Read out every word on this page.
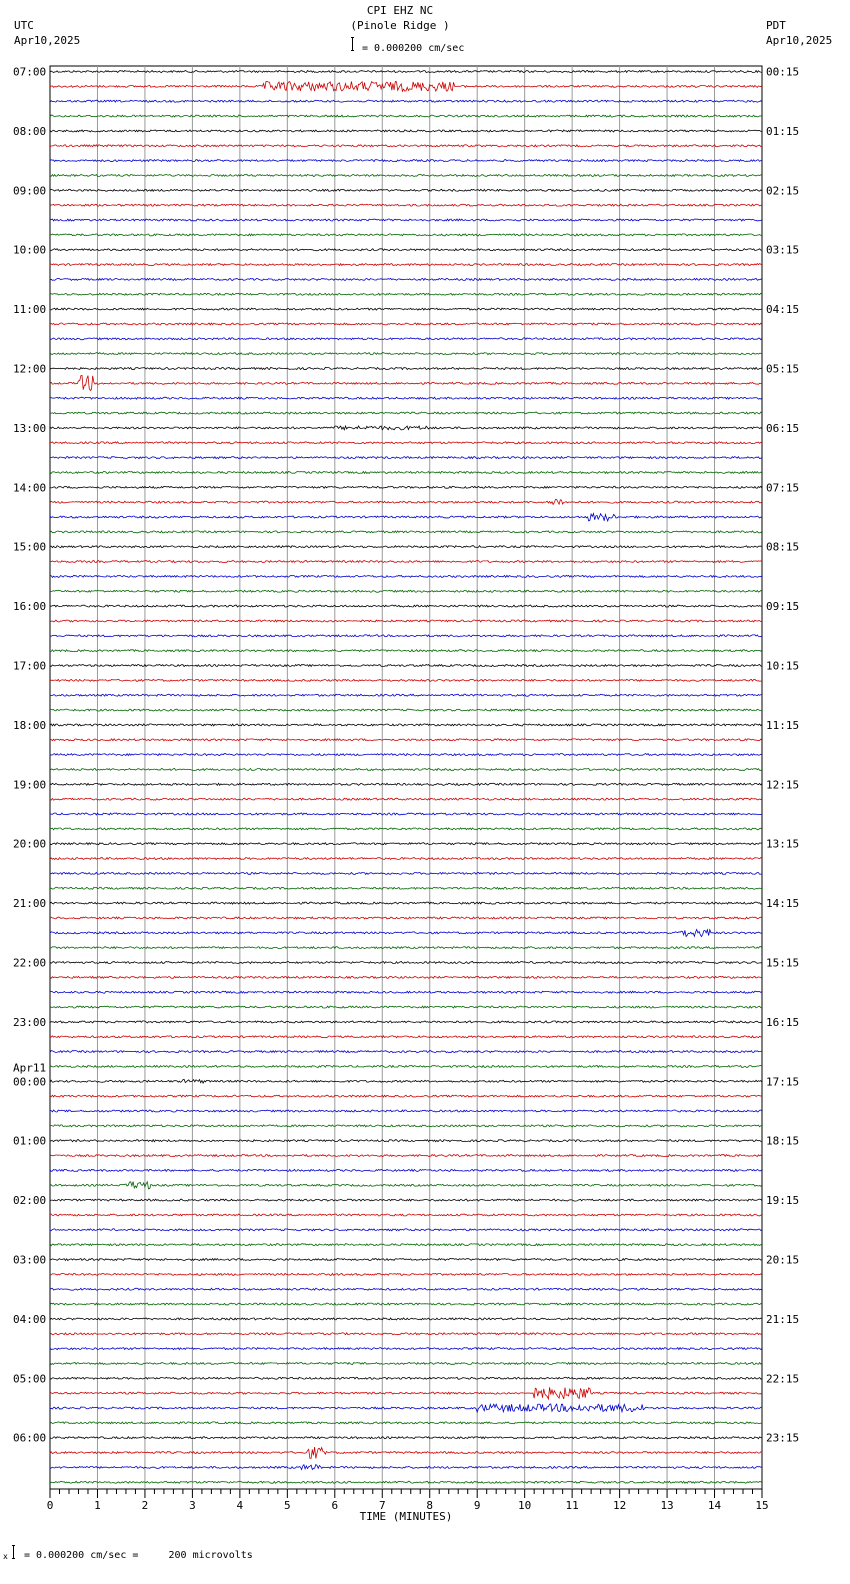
CPI EHZ NC
(Pinole Ridge )
UTC
Apr10,2025
PDT
Apr10,2025
= 0.000200 cm/sec
07:00
08:00
09:00
10:00
11:00
12:00
13:00
14:00
15:00
16:00
17:00
18:00
19:00
20:00
21:00
22:00
23:00
00:00
Apr11
01:00
02:00
03:00
04:00
05:00
06:00
00:15
01:15
02:15
03:15
04:15
05:15
06:15
07:15
08:15
09:15
10:15
11:15
12:15
13:15
14:15
15:15
16:15
17:15
18:15
19:15
20:15
21:15
22:15
23:15
0	1	2	3	4	5	6	7	8	9	10	11	12	13	14	15
TIME (MINUTES)
x = 0.000200 cm/sec =     200 microvolts
